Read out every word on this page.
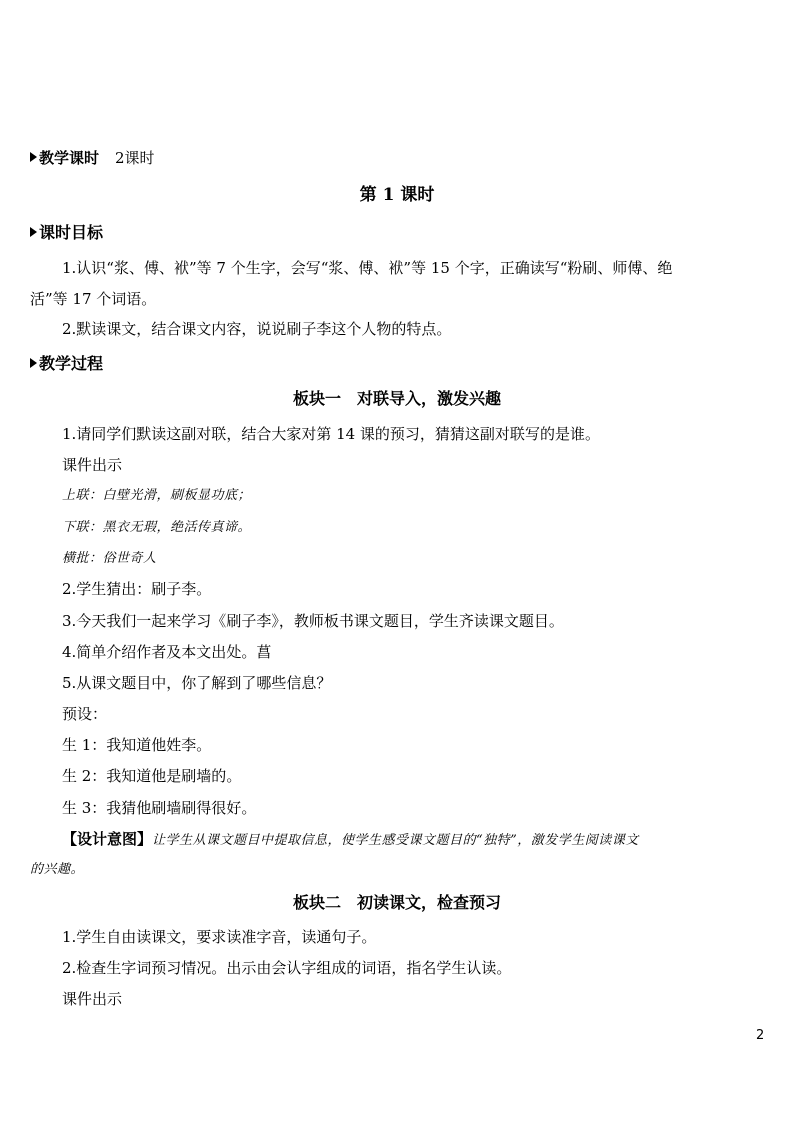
教学课时 2课时
第 1 课时
课时目标
1.认识“浆、傅、袱”等 7 个生字，会写“浆、傅、袱”等 15 个字，正确读写“粉刷、师傅、绝
活”等 17 个词语。
2.默读课文，结合课文内容，说说刷子李这个人物的特点。
教学过程
板块一　对联导入，激发兴趣
1.请同学们默读这副对联，结合大家对第 14 课的预习，猜猜这副对联写的是谁。
课件出示
上联：白壁光滑，刷板显功底；
下联：黑衣无瑕，绝活传真谛。
横批：俗世奇人
2.学生猜出：刷子李。
3.今天我们一起来学习《刷子李》，教师板书课文题目，学生齐读课文题目。
4.简单介绍作者及本文出处。菖
5.从课文题目中，你了解到了哪些信息？
预设：
生 1：我知道他姓李。
生 2：我知道他是刷墙的。
生 3：我猜他刷墙刷得很好。
【设计意图】让学生从课文题目中提取信息，使学生感受课文题目的“独特”，激发学生阅读课文
的兴趣。
板块二　初读课文，检查预习
1.学生自由读课文，要求读准字音，读通句子。
2.检查生字词预习情况。出示由会认字组成的词语，指名学生认读。
课件出示
2
